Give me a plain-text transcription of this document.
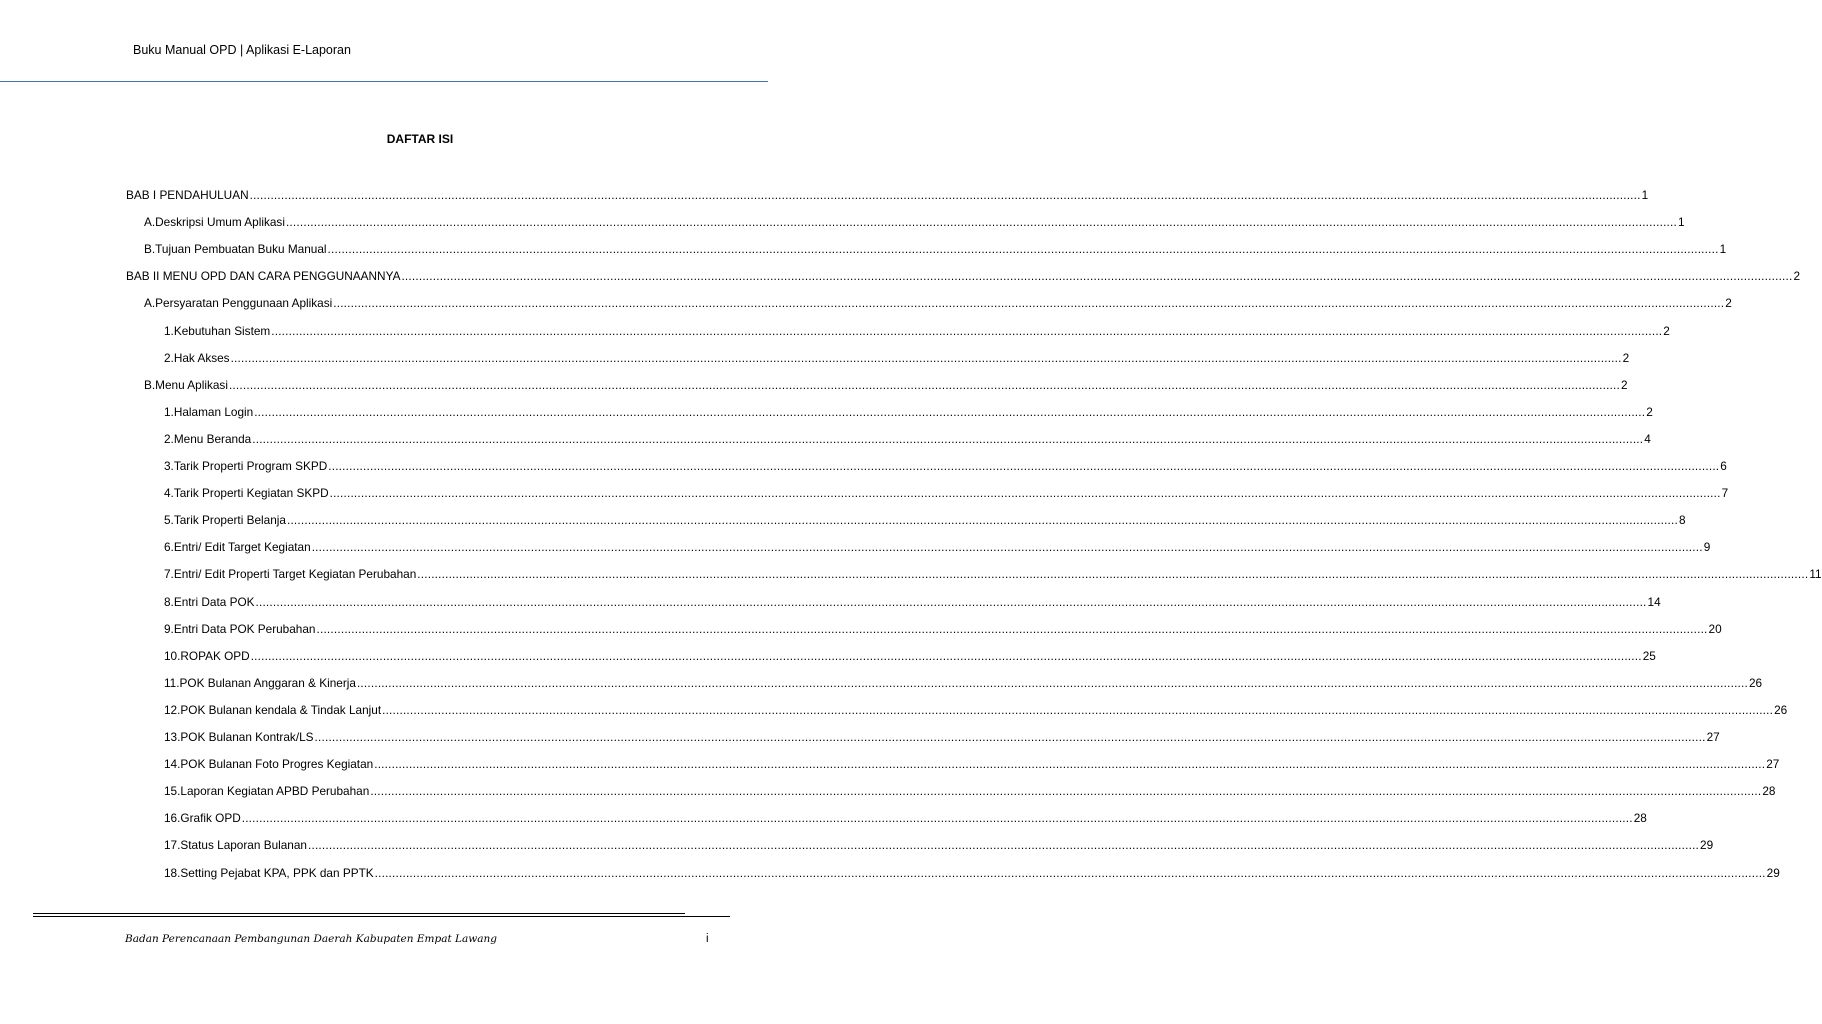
Buku Manual OPD | Aplikasi E-Laporan
DAFTAR ISI
BAB I PENDAHULUAN ................................................................................................................................................................................................................................................................................................................................................................................................................ 1
A. Deskripsi Umum Aplikasi ................................................................................................................................................................................................................................................................................................................................................................................................................ 1
B. Tujuan Pembuatan Buku Manual ................................................................................................................................................................................................................................................................................................................................................................................................................ 1
BAB II MENU OPD DAN CARA PENGGUNAANNYA ................................................................................................................................................................................................................................................................................................................................................................................................................ 2
A. Persyaratan Penggunaan Aplikasi ................................................................................................................................................................................................................................................................................................................................................................................................................ 2
1. Kebutuhan Sistem ................................................................................................................................................................................................................................................................................................................................................................................................................ 2
2. Hak Akses ................................................................................................................................................................................................................................................................................................................................................................................................................ 2
B. Menu Aplikasi ................................................................................................................................................................................................................................................................................................................................................................................................................ 2
1. Halaman Login ................................................................................................................................................................................................................................................................................................................................................................................................................ 2
2. Menu Beranda ................................................................................................................................................................................................................................................................................................................................................................................................................ 4
3. Tarik Properti Program SKPD ................................................................................................................................................................................................................................................................................................................................................................................................................ 6
4. Tarik Properti Kegiatan SKPD ................................................................................................................................................................................................................................................................................................................................................................................................................ 7
5. Tarik Properti Belanja ................................................................................................................................................................................................................................................................................................................................................................................................................ 8
6. Entri/ Edit Target Kegiatan ................................................................................................................................................................................................................................................................................................................................................................................................................ 9
7. Entri/ Edit Properti Target Kegiatan Perubahan ................................................................................................................................................................................................................................................................................................................................................................................................................ 11
8. Entri Data POK ................................................................................................................................................................................................................................................................................................................................................................................................................ 14
9. Entri Data POK Perubahan ................................................................................................................................................................................................................................................................................................................................................................................................................ 20
10. ROPAK OPD ................................................................................................................................................................................................................................................................................................................................................................................................................ 25
11. POK Bulanan Anggaran & Kinerja ................................................................................................................................................................................................................................................................................................................................................................................................................ 26
12. POK Bulanan kendala & Tindak Lanjut ................................................................................................................................................................................................................................................................................................................................................................................................................ 26
13. POK Bulanan Kontrak/LS ................................................................................................................................................................................................................................................................................................................................................................................................................ 27
14. POK Bulanan Foto Progres Kegiatan ................................................................................................................................................................................................................................................................................................................................................................................................................ 27
15. Laporan Kegiatan APBD Perubahan ................................................................................................................................................................................................................................................................................................................................................................................................................ 28
16. Grafik OPD ................................................................................................................................................................................................................................................................................................................................................................................................................ 28
17. Status Laporan Bulanan ................................................................................................................................................................................................................................................................................................................................................................................................................ 29
18. Setting Pejabat KPA, PPK dan PPTK ................................................................................................................................................................................................................................................................................................................................................................................................................ 29
Badan Perencanaan Pembangunan Daerah Kabupaten Empat Lawang	i
